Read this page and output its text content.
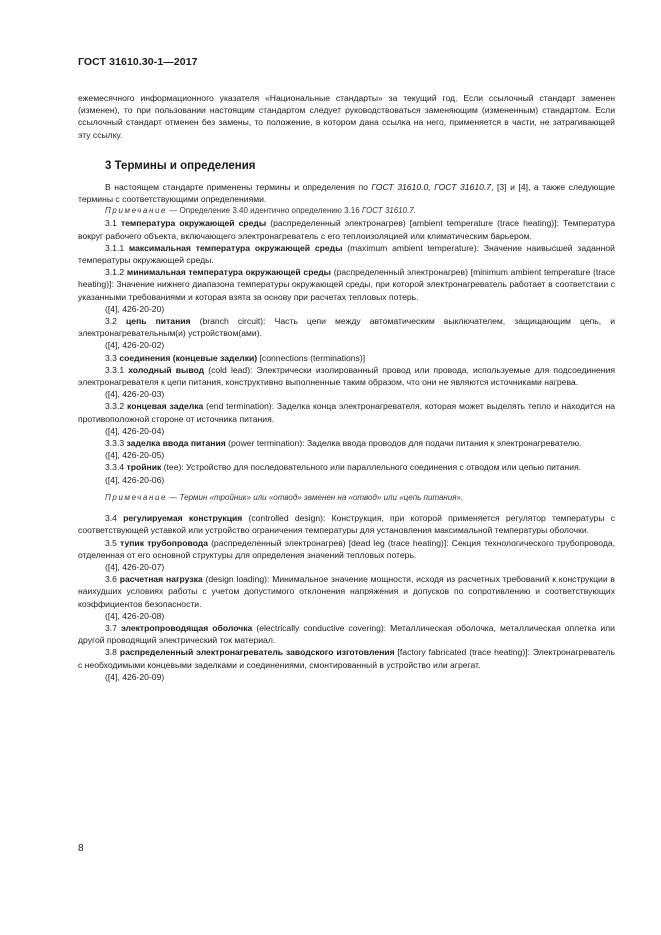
ГОСТ 31610.30-1—2017

ежемесячного информационного указателя «Национальные стандарты» за текущий год. Если ссылочный стандарт заменен (изменен), то при пользовании настоящим стандартом следует руководствоваться заменяющим (измененным) стандартом. Если ссылочный стандарт отменен без замены, то положение, в котором дана ссылка на него, применяется в части, не затрагивающей эту ссылку.

3 Термины и определения

В настоящем стандарте применены термины и определения по ГОСТ 31610.0, ГОСТ 31610.7, [3] и [4], а также следующие термины с соответствующими определениями.

Примечание — Определение 3.40 идентично определению 3.16 ГОСТ 31610.7.

3.1 температура окружающей среды (распределенный электронагрев) [ambient temperature (trace heating)]: Температура вокруг рабочего объекта, включающего электронагреватель с его теплоизоляцией или климатическим барьером.

3.1.1 максимальная температура окружающей среды (maximum ambient temperature): Значение наивысшей заданной температуры окружающей среды.

3.1.2 минимальная температура окружающей среды (распределенный электронагрев) [minimum ambient temperature (trace heating)]: Значение нижнего диапазона температуры окружающей среды, при которой электронагреватель работает в соответствии с указанными требованиями и которая взята за основу при расчетах тепловых потерь.

([4], 426-20-20)

3.2 цепь питания (branch circuit): Часть цепи между автоматическим выключателем, защищающим цепь, и электронагревательным(и) устройством(ами).

([4], 426-20-02)

3.3 соединения (концевые заделки) [connections (terminations)]

3.3.1 холодный вывод (cold lead): Электрически изолированный провод или провода, используемые для подсоединения электронагревателя к цепи питания, конструктивно выполненные таким образом, что они не являются источниками нагрева.

([4], 426-20-03)

3.3.2 концевая заделка (end termination): Заделка конца электронагревателя, которая может выделять тепло и находится на противоположной стороне от источника питания.

([4], 426-20-04)

3.3.3 заделка ввода питания (power termination): Заделка ввода проводов для подачи питания к электронагревателю.

([4], 426-20-05)

3.3.4 тройник (tee): Устройство для последовательного или параллельного соединения с отводом или цепью питания.

([4], 426-20-06)

Примечание — Термин «тройник» или «отвод» заменен на «отвод» или «цепь питания».

3.4 регулируемая конструкция (controlled design): Конструкция, при которой применяется регулятор температуры с соответствующей уставкой или устройство ограничения температуры для установления максимальной температуры оболочки.

3.5 тупик трубопровода (распределенный электронагрев) [dead leg (trace heating)]: Секция технологического трубопровода, отделенная от его основной структуры для определения значений тепловых потерь.

([4], 426-20-07)

3.6 расчетная нагрузка (design loading): Минимальное значение мощности, исходя из расчетных требований к конструкции в наихудших условиях работы с учетом допустимого отклонения напряжения и допусков по сопротивлению и соответствующих коэффициентов безопасности.

([4], 426-20-08)

3.7 электропроводящая оболочка (electrically conductive covering): Металлическая оболочка, металлическая оплетка или другой проводящий электрический ток материал.

3.8 распределенный электронагреватель заводского изготовления [factory fabricated (trace heating)]: Электронагреватель с необходимыми концевыми заделками и соединениями, смонтированный в устройство или агрегат.

([4], 426-20-09)

8
